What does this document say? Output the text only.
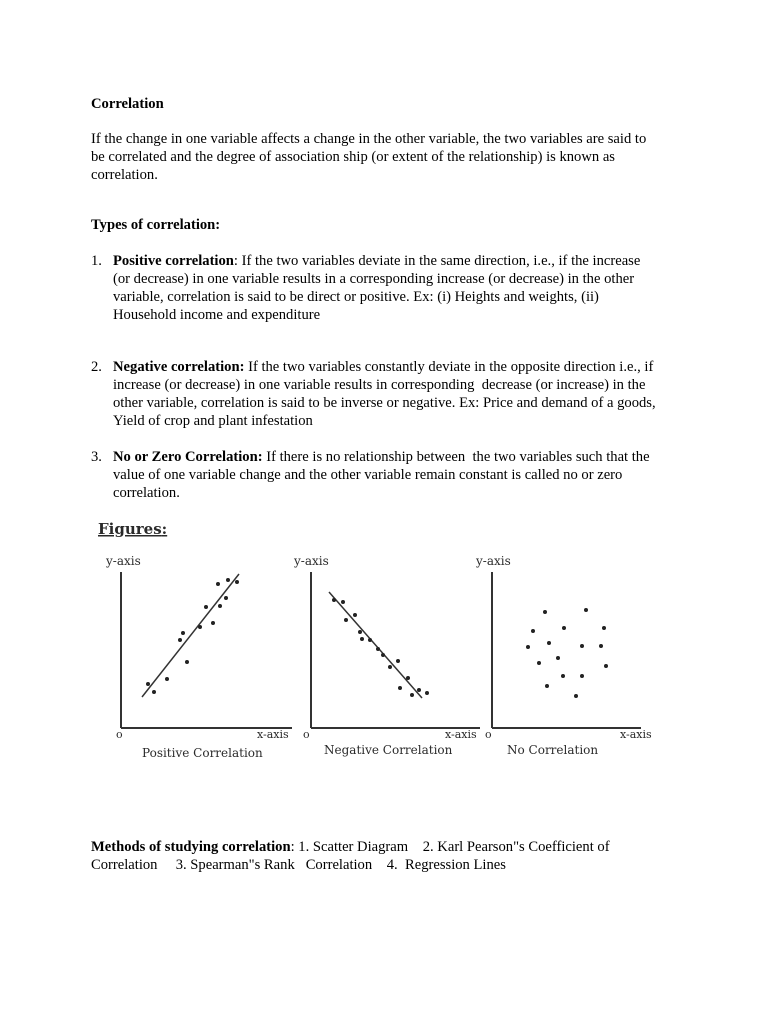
Correlation
If the change in one variable affects a change in the other variable, the two variables are said to
be correlated and the degree of association ship (or extent of the relationship) is known as
correlation.
Types of correlation:
1. Positive correlation: If the two variables deviate in the same direction, i.e., if the increase
(or decrease) in one variable results in a corresponding increase (or decrease) in the other
variable, correlation is said to be direct or positive. Ex: (i) Heights and weights, (ii)
Household income and expenditure
2. Negative correlation: If the two variables constantly deviate in the opposite direction i.e., if
increase (or decrease) in one variable results in corresponding  decrease (or increase) in the
other variable, correlation is said to be inverse or negative. Ex: Price and demand of a goods,
Yield of crop and plant infestation
3. No or Zero Correlation: If there is no relationship between  the two variables such that the
value of one variable change and the other variable remain constant is called no or zero
correlation.
Figures:
y-axis
o	x-axis
Positive Correlation
y-axis
o	x-axis
Negative Correlation
y-axis
o	x-axis
No Correlation
Methods of studying correlation: 1. Scatter Diagram    2. Karl Pearson"s Coefficient of
Correlation     3. Spearman"s Rank   Correlation    4.  Regression Lines
